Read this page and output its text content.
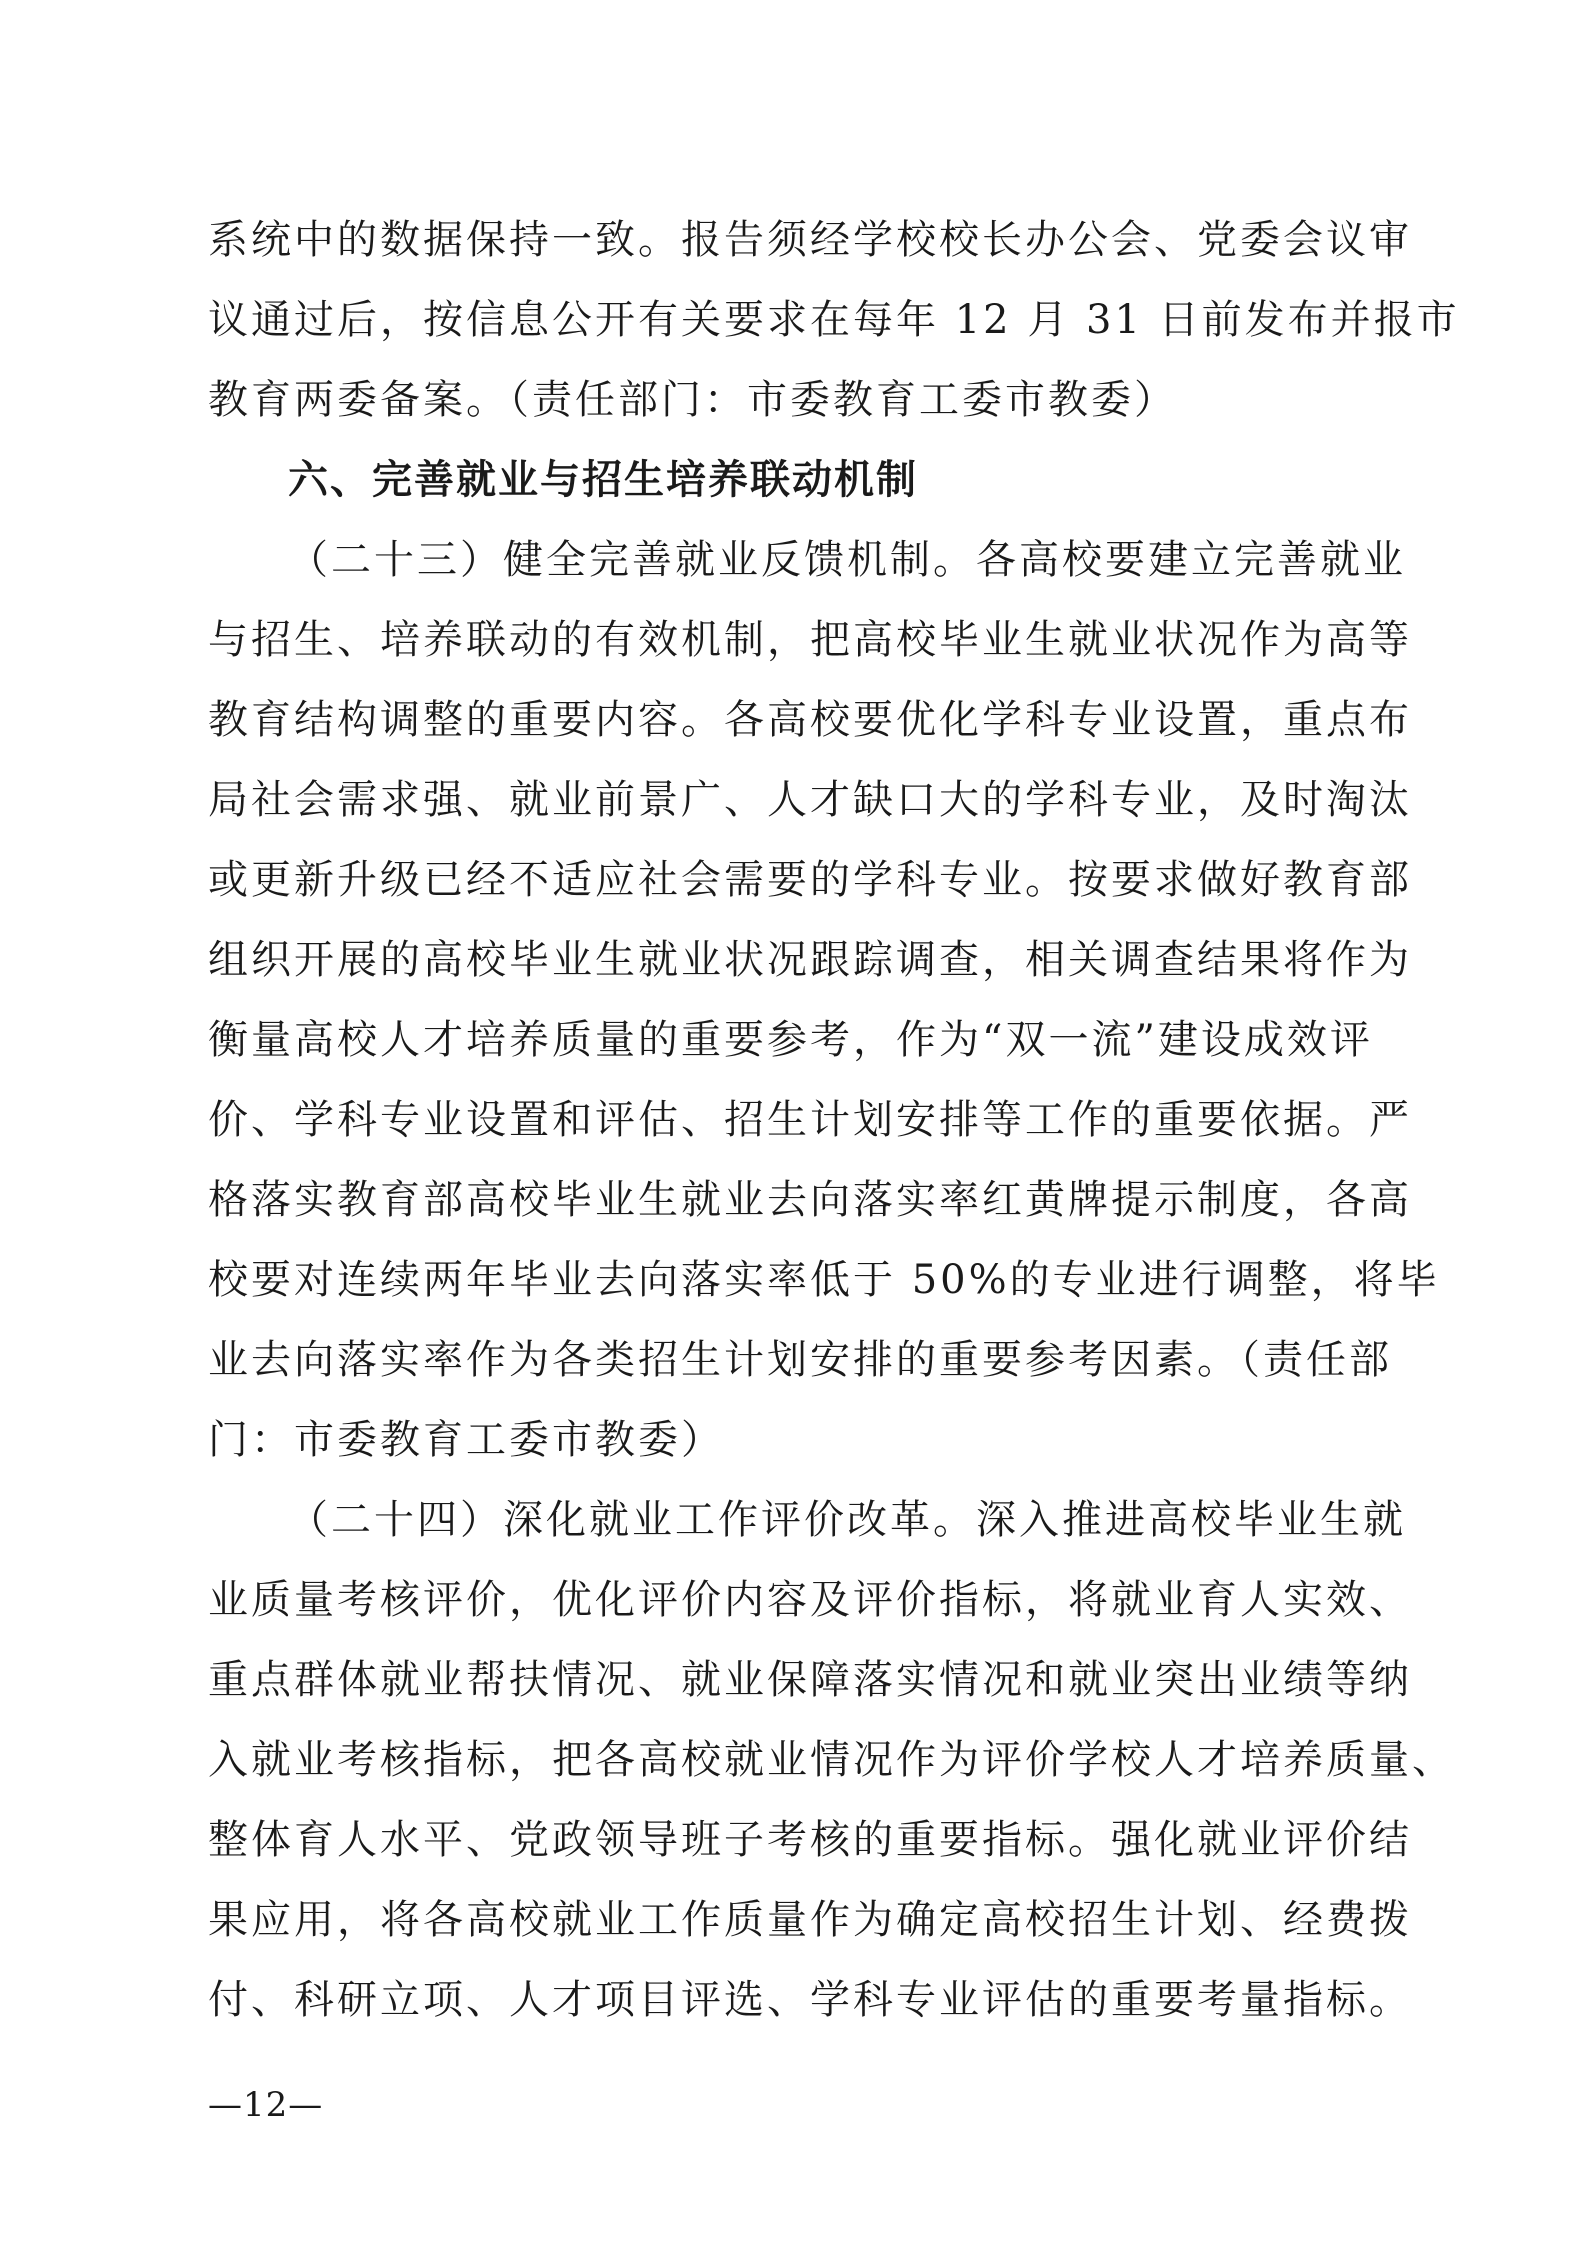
系统中的数据保持一致。报告须经学校校长办公会、党委会议审
议通过后，按信息公开有关要求在每年 12 月 31 日前发布并报市
教育两委备案。（责任部门：市委教育工委市教委）
六、完善就业与招生培养联动机制
（二十三）健全完善就业反馈机制。各高校要建立完善就业
与招生、培养联动的有效机制，把高校毕业生就业状况作为高等
教育结构调整的重要内容。各高校要优化学科专业设置，重点布
局社会需求强、就业前景广、人才缺口大的学科专业，及时淘汰
或更新升级已经不适应社会需要的学科专业。按要求做好教育部
组织开展的高校毕业生就业状况跟踪调查，相关调查结果将作为
衡量高校人才培养质量的重要参考，作为“双一流”建设成效评
价、学科专业设置和评估、招生计划安排等工作的重要依据。严
格落实教育部高校毕业生就业去向落实率红黄牌提示制度，各高
校要对连续两年毕业去向落实率低于 50%的专业进行调整，将毕
业去向落实率作为各类招生计划安排的重要参考因素。（责任部
门：市委教育工委市教委）
（二十四）深化就业工作评价改革。深入推进高校毕业生就
业质量考核评价，优化评价内容及评价指标，将就业育人实效、
重点群体就业帮扶情况、就业保障落实情况和就业突出业绩等纳
入就业考核指标，把各高校就业情况作为评价学校人才培养质量、
整体育人水平、党政领导班子考核的重要指标。强化就业评价结
果应用，将各高校就业工作质量作为确定高校招生计划、经费拨
付、科研立项、人才项目评选、学科专业评估的重要考量指标。
—12—
